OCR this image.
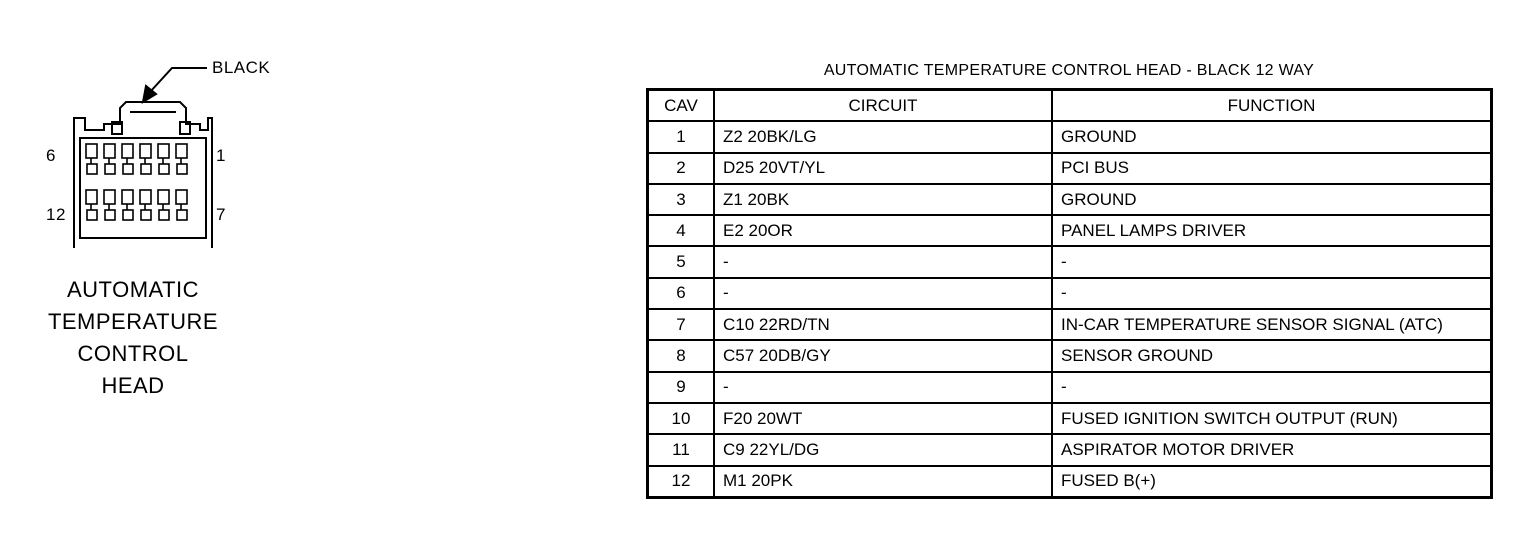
BLACK
6	1
12	7
AUTOMATIC
TEMPERATURE
CONTROL
HEAD
AUTOMATIC TEMPERATURE CONTROL HEAD - BLACK 12 WAY
CAV	CIRCUIT	FUNCTION
1	Z2 20BK/LG	GROUND
2	D25 20VT/YL	PCI BUS
3	Z1 20BK	GROUND
4	E2 20OR	PANEL LAMPS DRIVER
5	-	-
6	-	-
7	C10 22RD/TN	IN-CAR TEMPERATURE SENSOR SIGNAL (ATC)
8	C57 20DB/GY	SENSOR GROUND
9	-	-
10	F20 20WT	FUSED IGNITION SWITCH OUTPUT (RUN)
11	C9 22YL/DG	ASPIRATOR MOTOR DRIVER
12	M1 20PK	FUSED B(+)
